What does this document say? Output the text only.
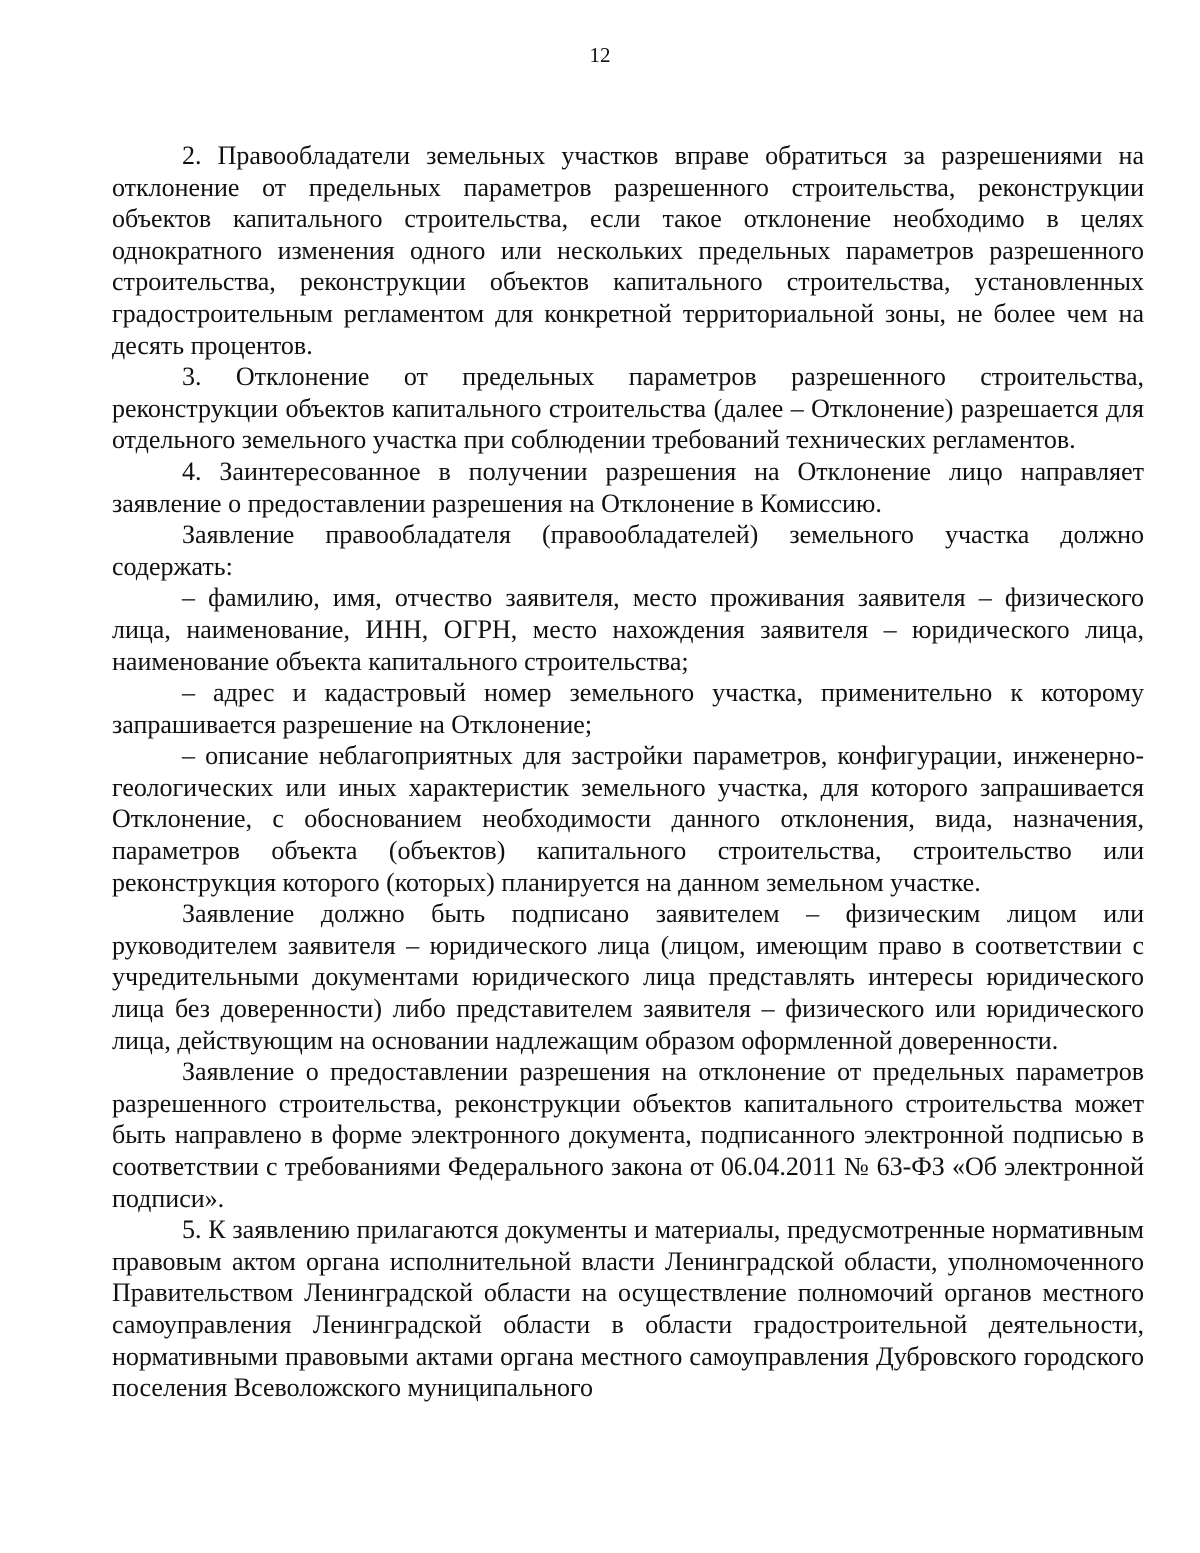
12

2. Правообладатели земельных участков вправе обратиться за разрешениями на отклонение от предельных параметров разрешенного строительства, реконструкции объектов капитального строительства, если такое отклонение необходимо в целях однократного изменения одного или нескольких предельных параметров разрешенного строительства, реконструкции объектов капитального строительства, установленных градостроительным регламентом для конкретной территориальной зоны, не более чем на десять процентов.

3. Отклонение от предельных параметров разрешенного строительства, реконструкции объектов капитального строительства (далее – Отклонение) разрешается для отдельного земельного участка при соблюдении требований технических регламентов.

4. Заинтересованное в получении разрешения на Отклонение лицо направляет заявление о предоставлении разрешения на Отклонение в Комиссию.

Заявление правообладателя (правообладателей) земельного участка должно содержать:

– фамилию, имя, отчество заявителя, место проживания заявителя – физического лица, наименование, ИНН, ОГРН, место нахождения заявителя – юридического лица, наименование объекта капитального строительства;

– адрес и кадастровый номер земельного участка, применительно к которому запрашивается разрешение на Отклонение;

– описание неблагоприятных для застройки параметров, конфигурации, инженерно-геологических или иных характеристик земельного участка, для которого запрашивается Отклонение, с обоснованием необходимости данного отклонения, вида, назначения, параметров объекта (объектов) капитального строительства, строительство или реконструкция которого (которых) планируется на данном земельном участке.

Заявление должно быть подписано заявителем – физическим лицом или руководителем заявителя – юридического лица (лицом, имеющим право в соответствии с учредительными документами юридического лица представлять интересы юридического лица без доверенности) либо представителем заявителя – физического или юридического лица, действующим на основании надлежащим образом оформленной доверенности.

Заявление о предоставлении разрешения на отклонение от предельных параметров разрешенного строительства, реконструкции объектов капитального строительства может быть направлено в форме электронного документа, подписанного электронной подписью в соответствии с требованиями Федерального закона от 06.04.2011 № 63-ФЗ «Об электронной подписи».

5. К заявлению прилагаются документы и материалы, предусмотренные нормативным правовым актом органа исполнительной власти Ленинградской области, уполномоченного Правительством Ленинградской области на осуществление полномочий органов местного самоуправления Ленинградской области в области градостроительной деятельности, нормативными правовыми актами органа местного самоуправления Дубровского городского поселения Всеволожского муниципального
